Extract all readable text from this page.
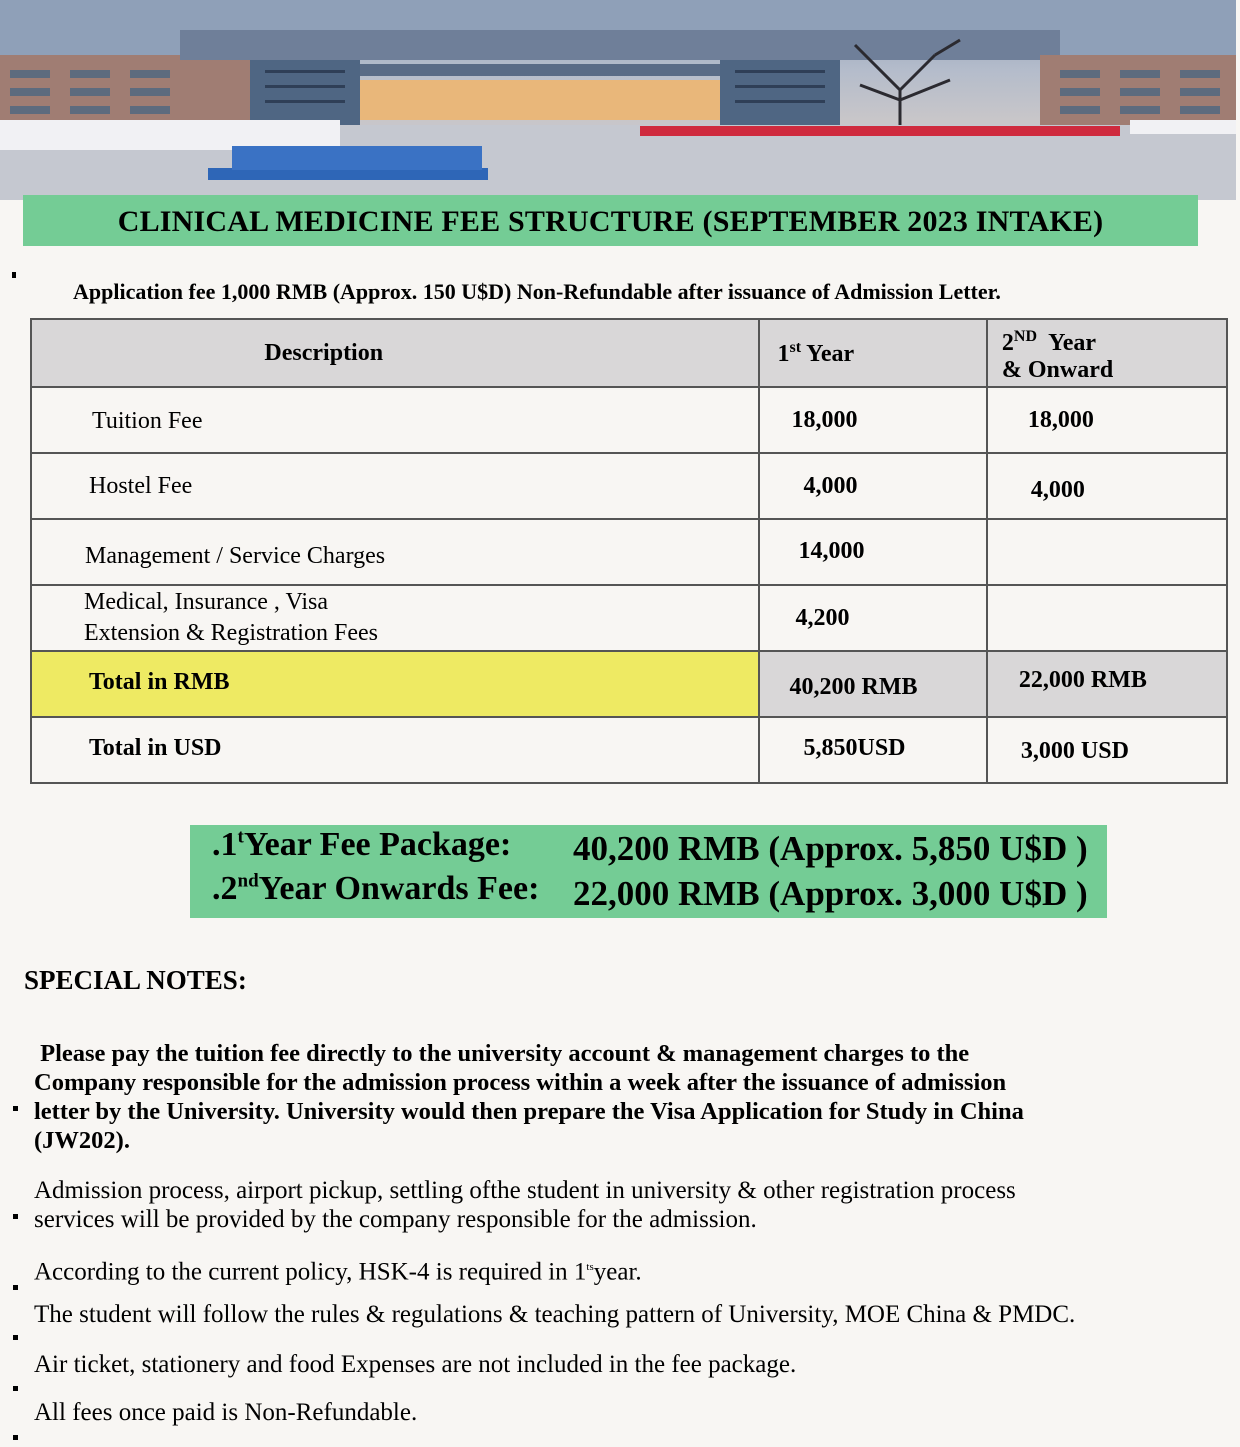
CLINICAL MEDICINE FEE STRUCTURE (SEPTEMBER 2023 INTAKE)
Application fee 1,000 RMB (Approx. 150 U$D) Non-Refundable after issuance of Admission Letter.
Description	1st Year	2ND  Year
& Onward

Tuition Fee	18,000	18,000
Hostel Fee	4,000	4,000
Management / Service Charges	14,000	

Medical, Insurance , Visa
Extension & Registration Fees	4,200	
Total in RMB	40,200 RMB	22,000 RMB
Total in USD	5,850USD	3,000 USD
.1$^t$Year Fee Package: 40,200 RMB (Approx. 5,850 U$D )
.2ndYear Onwards Fee: 22,000 RMB (Approx. 3,000 U$D )
SPECIAL NOTES:
Please pay the tuition fee directly to the university account & management charges to the
Company responsible for the admission process within a week after the issuance of admission
letter by the University. University would then prepare the Visa Application for Study in China
(JW202).
Admission process, airport pickup, settling ofthe student in university & other registration process
services will be provided by the company responsible for the admission.
According to the current policy, HSK-4 is required in $1^{ts}year$.
The student will follow the rules & regulations & teaching pattern of University, MOE China & PMDC.
Air ticket, stationery and food Expenses are not included in the fee package.
All fees once paid is Non-Refundable.
